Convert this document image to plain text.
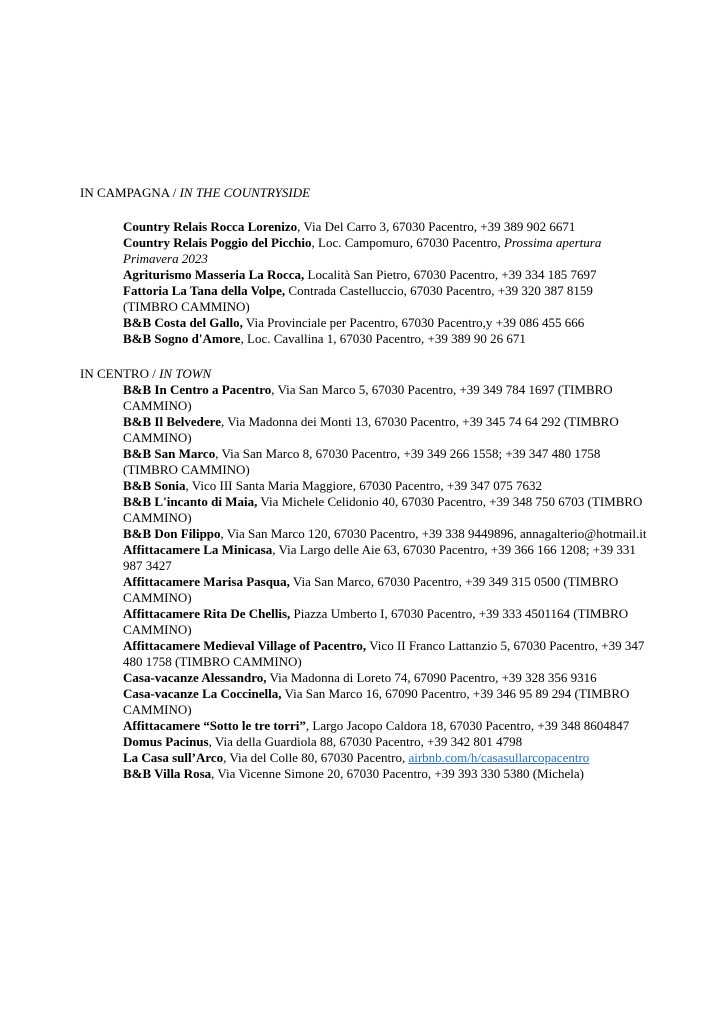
IN CAMPAGNA / IN THE COUNTRYSIDE
Country Relais Rocca Lorenizo, Via Del Carro 3, 67030 Pacentro, +39 389 902 6671
Country Relais Poggio del Picchio, Loc. Campomuro, 67030 Pacentro, Prossima apertura Primavera 2023
Agriturismo Masseria La Rocca, Località San Pietro, 67030 Pacentro, +39 334 185 7697
Fattoria La Tana della Volpe, Contrada Castelluccio, 67030 Pacentro, +39 320 387 8159 (TIMBRO CAMMINO)
B&B Costa del Gallo, Via Provinciale per Pacentro, 67030 Pacentro,y +39 086 455 666
B&B Sogno d'Amore, Loc. Cavallina 1, 67030 Pacentro, +39 389 90 26 671
IN CENTRO / IN TOWN
B&B In Centro a Pacentro, Via San Marco 5, 67030 Pacentro, +39 349 784 1697 (TIMBRO CAMMINO)
B&B Il Belvedere, Via Madonna dei Monti 13, 67030 Pacentro, +39 345 74 64 292 (TIMBRO CAMMINO)
B&B San Marco, Via San Marco 8, 67030 Pacentro, +39 349 266 1558; +39 347 480 1758 (TIMBRO CAMMINO)
B&B Sonia, Vico III Santa Maria Maggiore, 67030 Pacentro, +39 347 075 7632
B&B L'incanto di Maia, Via Michele Celidonio 40, 67030 Pacentro, +39 348 750 6703 (TIMBRO CAMMINO)
B&B Don Filippo, Via San Marco 120, 67030 Pacentro, +39 338 9449896, annagalterio@hotmail.it
Affittacamere La Minicasa, Via Largo delle Aie 63, 67030 Pacentro, +39 366 166 1208; +39 331 987 3427
Affittacamere Marisa Pasqua, Via San Marco, 67030 Pacentro, +39 349 315 0500 (TIMBRO CAMMINO)
Affittacamere Rita De Chellis, Piazza Umberto I, 67030 Pacentro, +39 333 4501164 (TIMBRO CAMMINO)
Affittacamere Medieval Village of Pacentro, Vico II Franco Lattanzio 5, 67030 Pacentro, +39 347 480 1758 (TIMBRO CAMMINO)
Casa-vacanze Alessandro, Via Madonna di Loreto 74, 67090 Pacentro, +39 328 356 9316
Casa-vacanze La Coccinella, Via San Marco 16, 67090 Pacentro, +39 346 95 89 294 (TIMBRO CAMMINO)
Affittacamere “Sotto le tre torri”, Largo Jacopo Caldora 18, 67030 Pacentro, +39 348 8604847
Domus Pacinus, Via della Guardiola 88, 67030 Pacentro, +39 342 801 4798
La Casa sull’Arco, Via del Colle 80, 67030 Pacentro, airbnb.com/h/casasullarcopacentro
B&B Villa Rosa, Via Vicenne Simone 20, 67030 Pacentro, +39 393 330 5380 (Michela)
